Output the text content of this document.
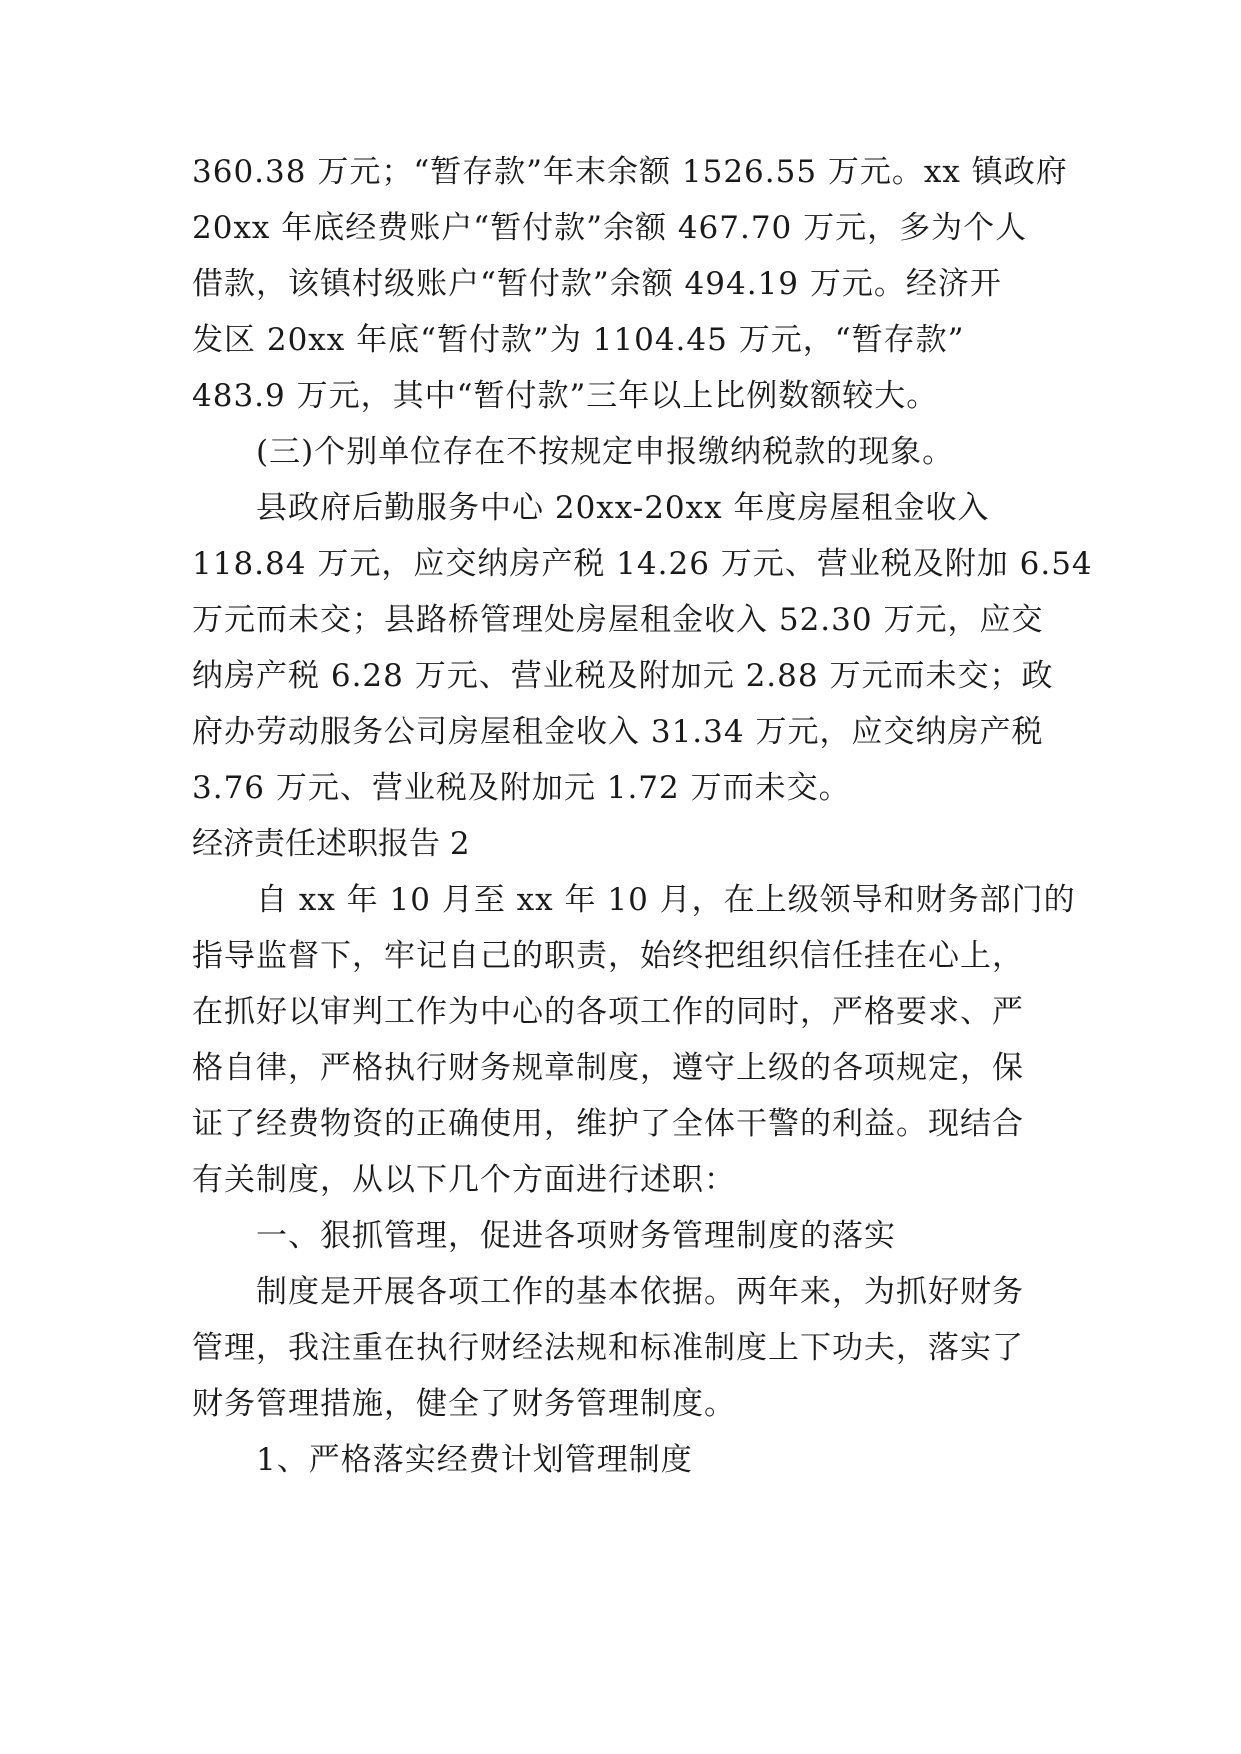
360.38 万元；“暂存款”年末余额 1526.55 万元。xx 镇政府
20xx 年底经费账户“暂付款”余额 467.70 万元，多为个人
借款，该镇村级账户“暂付款”余额 494.19 万元。经济开
发区 20xx 年底“暂付款”为 1104.45 万元，“暂存款”
483.9 万元，其中“暂付款”三年以上比例数额较大。
(三)个别单位存在不按规定申报缴纳税款的现象。
县政府后勤服务中心 20xx-20xx 年度房屋租金收入
118.84 万元，应交纳房产税 14.26 万元、营业税及附加 6.54
万元而未交；县路桥管理处房屋租金收入 52.30 万元，应交
纳房产税 6.28 万元、营业税及附加元 2.88 万元而未交；政
府办劳动服务公司房屋租金收入 31.34 万元，应交纳房产税
3.76 万元、营业税及附加元 1.72 万而未交。
经济责任述职报告 2
自 xx 年 10 月至 xx 年 10 月，在上级领导和财务部门的
指导监督下，牢记自己的职责，始终把组织信任挂在心上，
在抓好以审判工作为中心的各项工作的同时，严格要求、严
格自律，严格执行财务规章制度，遵守上级的各项规定，保
证了经费物资的正确使用，维护了全体干警的利益。现结合
有关制度，从以下几个方面进行述职：
一、狠抓管理，促进各项财务管理制度的落实
制度是开展各项工作的基本依据。两年来，为抓好财务
管理，我注重在执行财经法规和标准制度上下功夫，落实了
财务管理措施，健全了财务管理制度。
1、严格落实经费计划管理制度
